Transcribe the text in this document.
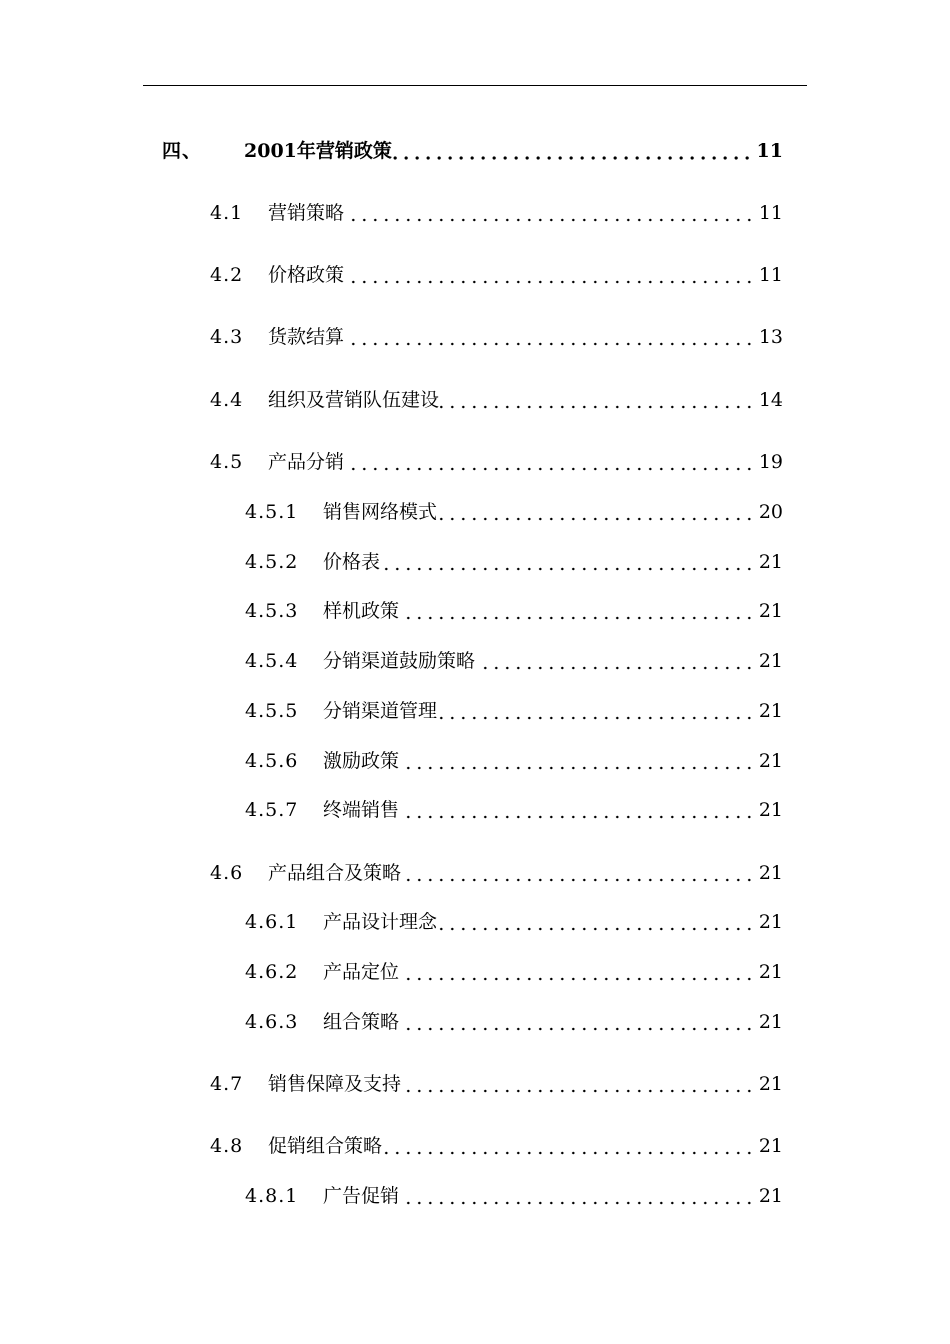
四、	2001年营销政策	11
4.1	营销策略	11
4.2	价格政策	11
4.3	货款结算	13
4.4	组织及营销队伍建设	14
4.5	产品分销	19
4.5.1	销售网络模式	20
4.5.2	价格表	21
4.5.3	样机政策	21
4.5.4	分销渠道鼓励策略	21
4.5.5	分销渠道管理	21
4.5.6	激励政策	21
4.5.7	终端销售	21
4.6	产品组合及策略	21
4.6.1	产品设计理念	21
4.6.2	产品定位	21
4.6.3	组合策略	21
4.7	销售保障及支持	21
4.8	促销组合策略	21
4.8.1	广告促销	21
